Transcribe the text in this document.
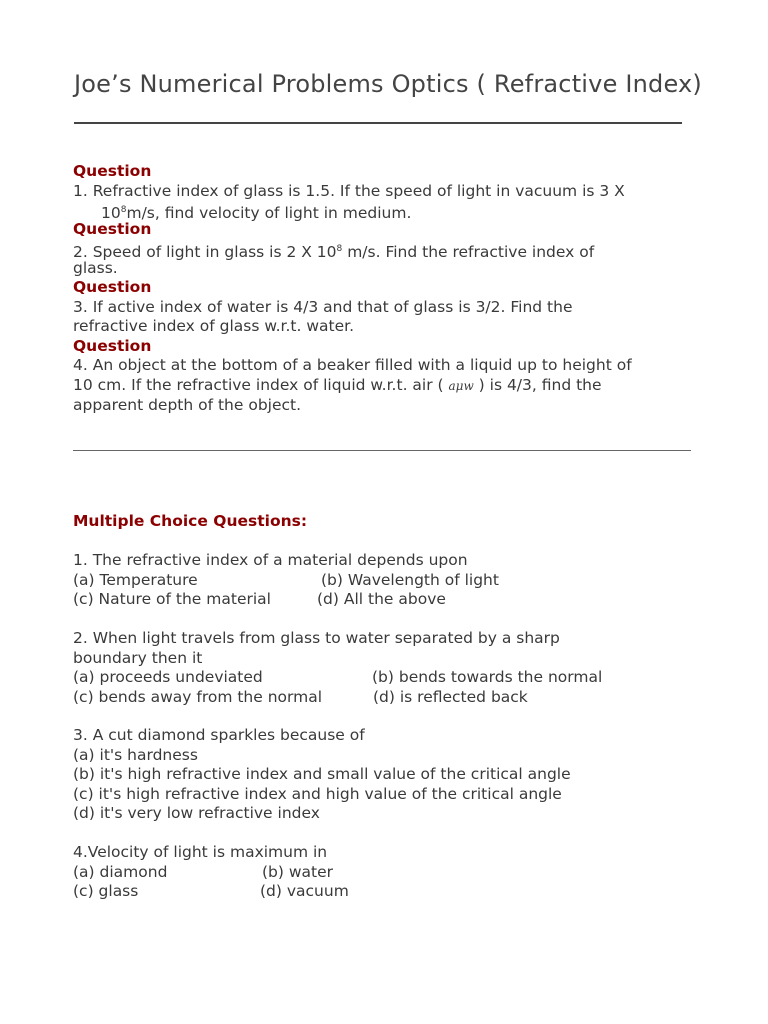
Joe’s Numerical Problems Optics ( Refractive Index)
Question
1. Refractive index of glass is 1.5. If the speed of light in vacuum is 3 X
$10^8m/s$, find velocity of light in medium.
Question
2. Speed of light in glass is 2 X $10^8$ m/s. Find the refractive index of
glass.
Question
3. If active index of water is 4/3 and that of glass is 3/2. Find the
refractive index of glass w.r.t. water.
Question
4. An object at the bottom of a beaker filled with a liquid up to height of
10 cm. If the refractive index of liquid w.r.t. air ( aμw ) is 4/3, find the
apparent depth of the object.
Multiple Choice Questions:
1. The refractive index of a material depends upon
(a) Temperature	(b) Wavelength of light
(c) Nature of the material	(d) All the above
2. When light travels from glass to water separated by a sharp
boundary then it
(a) proceeds undeviated	(b) bends towards the normal
(c) bends away from the normal	(d) is reflected back
3. A cut diamond sparkles because of
(a) it's hardness
(b) it's high refractive index and small value of the critical angle
(c) it's high refractive index and high value of the critical angle
(d) it's very low refractive index
4.Velocity of light is maximum in
(a) diamond	(b) water
(c) glass	(d) vacuum
